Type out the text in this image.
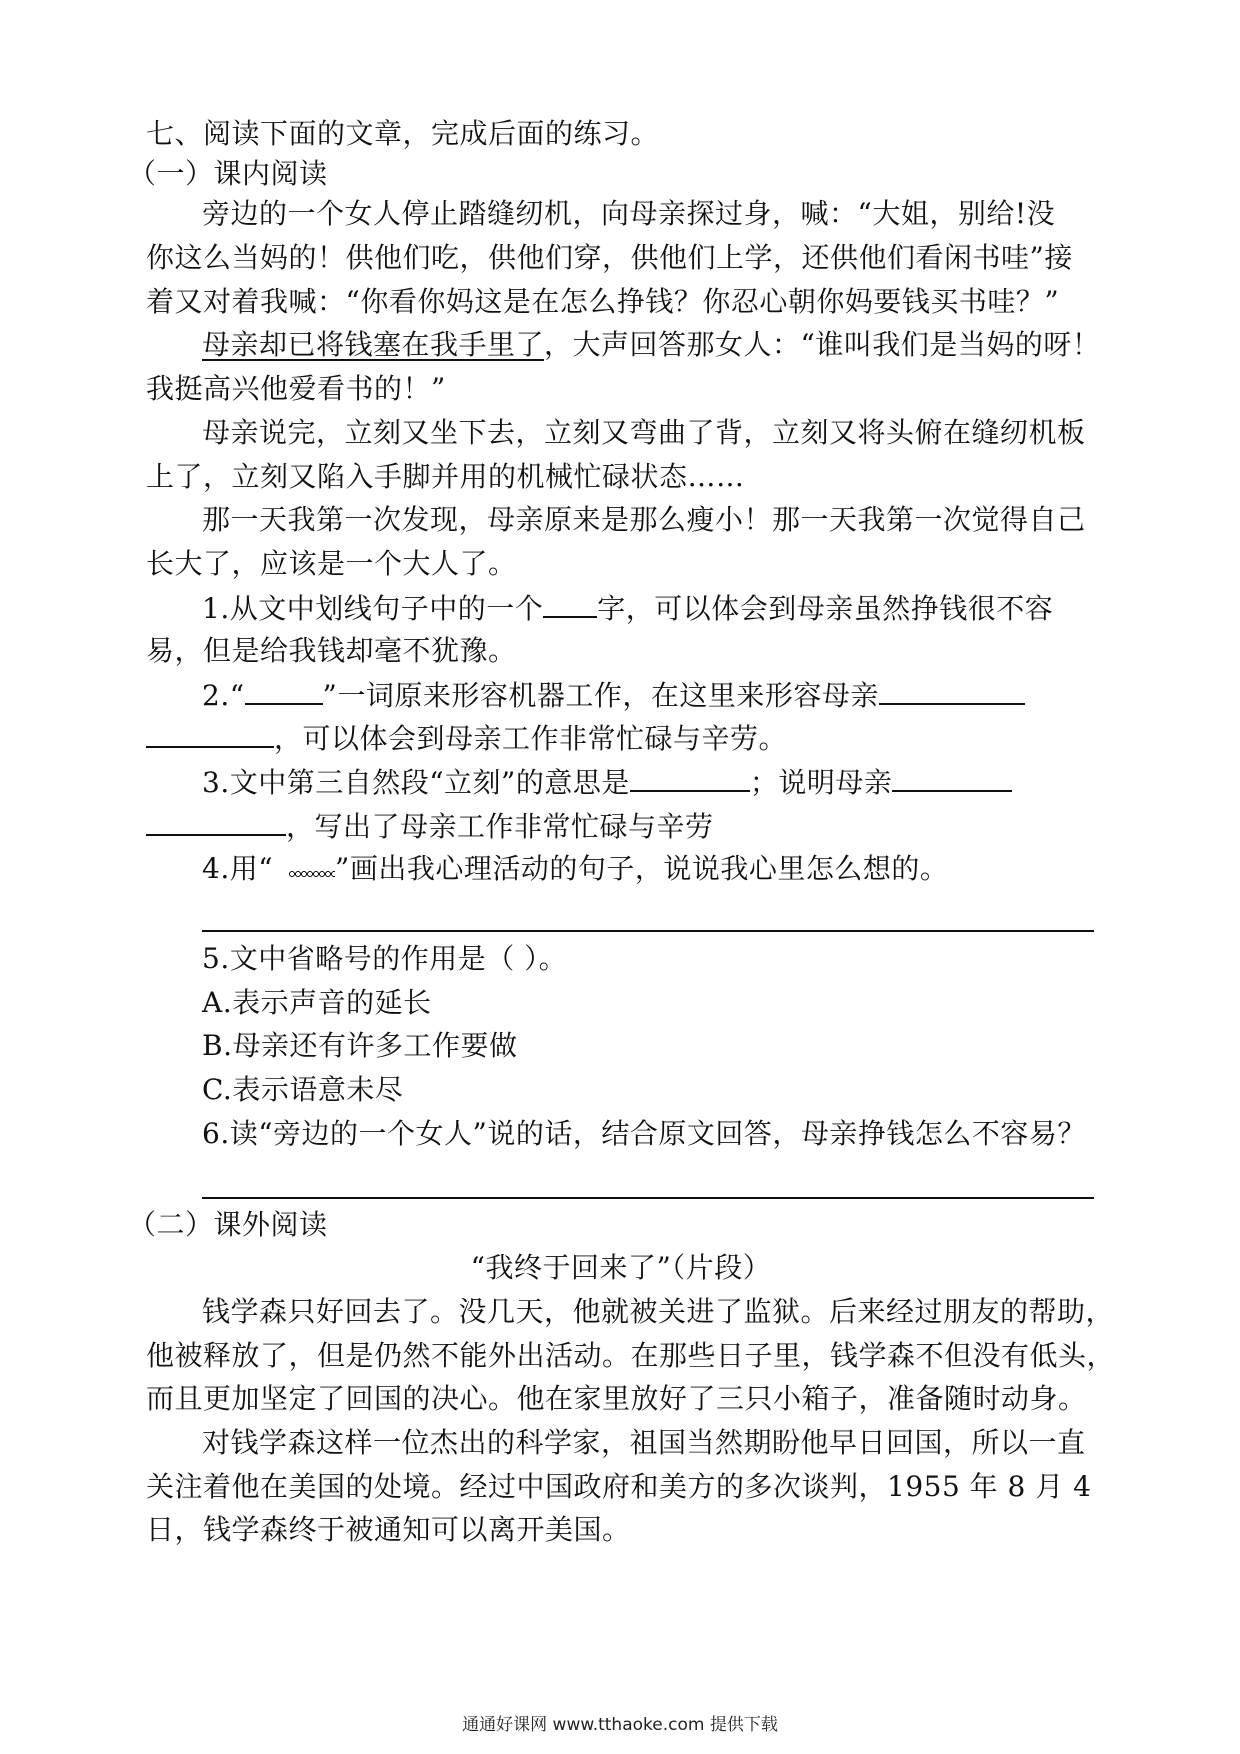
七、阅读下面的文章，完成后面的练习。
（一）课内阅读
旁边的一个女人停止踏缝纫机，向母亲探过身，喊：“大姐，别给!没
你这么当妈的！供他们吃，供他们穿，供他们上学，还供他们看闲书哇”接
着又对着我喊：“你看你妈这是在怎么挣钱？你忍心朝你妈要钱买书哇？”
母亲却已将钱塞在我手里了，大声回答那女人：“谁叫我们是当妈的呀！
我挺高兴他爱看书的！”
母亲说完，立刻又坐下去，立刻又弯曲了背，立刻又将头俯在缝纫机板
上了，立刻又陷入手脚并用的机械忙碌状态……
那一天我第一次发现，母亲原来是那么瘦小！那一天我第一次觉得自己
长大了，应该是一个大人了。
1.从文中划线句子中的一个 字，可以体会到母亲虽然挣钱很不容
易，但是给我钱却毫不犹豫。
2.“	”一词原来形容机器工作，在这里来形容母亲
，可以体会到母亲工作非常忙碌与辛劳。
3.文中第三自然段“立刻”的意思是	；说明母亲
，写出了母亲工作非常忙碌与辛劳
4.用“ ”画出我心理活动的句子，说说我心里怎么想的。
5.文中省略号的作用是（ ）。
A.表示声音的延长
B.母亲还有许多工作要做
C.表示语意未尽
6.读“旁边的一个女人”说的话，结合原文回答，母亲挣钱怎么不容易？
（二）课外阅读
“我终于回来了”（片段）
钱学森只好回去了。没几天，他就被关进了监狱。后来经过朋友的帮助，
他被释放了，但是仍然不能外出活动。在那些日子里，钱学森不但没有低头，
而且更加坚定了回国的决心。他在家里放好了三只小箱子，准备随时动身。
对钱学森这样一位杰出的科学家，祖国当然期盼他早日回国，所以一直
关注着他在美国的处境。经过中国政府和美方的多次谈判，1955 年 8 月 4
日，钱学森终于被通知可以离开美国。
通通好课网 www.tthaoke.com 提供下载
